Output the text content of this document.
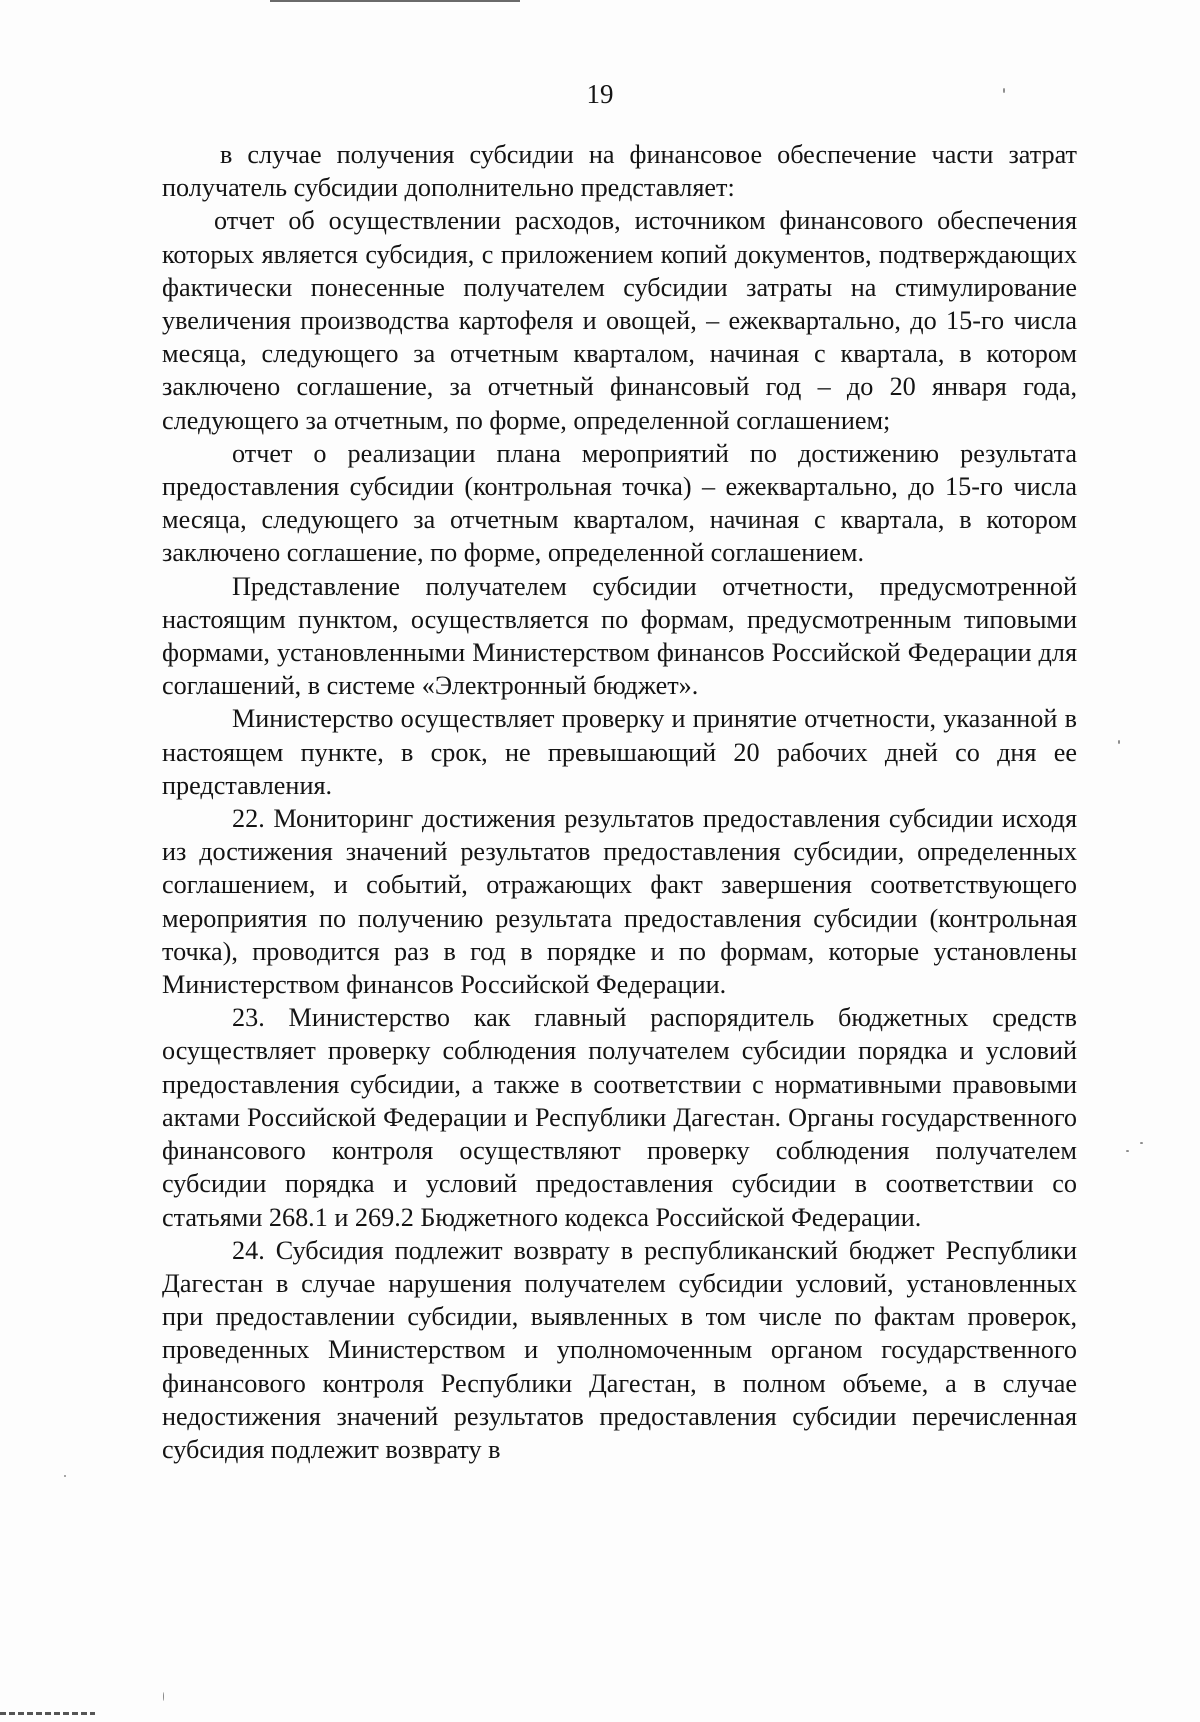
19

в случае получения субсидии на финансовое обеспечение части затрат получатель субсидии дополнительно представляет:

отчет об осуществлении расходов, источником финансового обеспечения которых является субсидия, с приложением копий документов, подтверждающих фактически понесенные получателем субсидии затраты на стимулирование увеличения производства картофеля и овощей, – ежеквартально, до 15-го числа месяца, следующего за отчетным кварталом, начиная с квартала, в котором заключено соглашение, за отчетный финансовый год – до 20 января года, следующего за отчетным, по форме, определенной соглашением;

отчет о реализации плана мероприятий по достижению результата предоставления субсидии (контрольная точка) – ежеквартально, до 15-го числа месяца, следующего за отчетным кварталом, начиная с квартала, в котором заключено соглашение, по форме, определенной соглашением.

Представление получателем субсидии отчетности, предусмотренной настоящим пунктом, осуществляется по формам, предусмотренным типовыми формами, установленными Министерством финансов Российской Федерации для соглашений, в системе «Электронный бюджет».

Министерство осуществляет проверку и принятие отчетности, указанной в настоящем пункте, в срок, не превышающий 20 рабочих дней со дня ее представления.

22. Мониторинг достижения результатов предоставления субсидии исходя из достижения значений результатов предоставления субсидии, определенных соглашением, и событий, отражающих факт завершения соответствующего мероприятия по получению результата предоставления субсидии (контрольная точка), проводится раз в год в порядке и по формам, которые установлены Министерством финансов Российской Федерации.

23. Министерство как главный распорядитель бюджетных средств осуществляет проверку соблюдения получателем субсидии порядка и условий предоставления субсидии, а также в соответствии с нормативными правовыми актами Российской Федерации и Республики Дагестан. Органы государственного финансового контроля осуществляют проверку соблюдения получателем субсидии порядка и условий предоставления субсидии в соответствии со статьями 268.1 и 269.2 Бюджетного кодекса Российской Федерации.

24. Субсидия подлежит возврату в республиканский бюджет Республики Дагестан в случае нарушения получателем субсидии условий, установленных при предоставлении субсидии, выявленных в том числе по фактам проверок, проведенных Министерством и уполномоченным органом государственного финансового контроля Республики Дагестан, в полном объеме, а в случае недостижения значений результатов предоставления субсидии перечисленная субсидия подлежит возврату в
